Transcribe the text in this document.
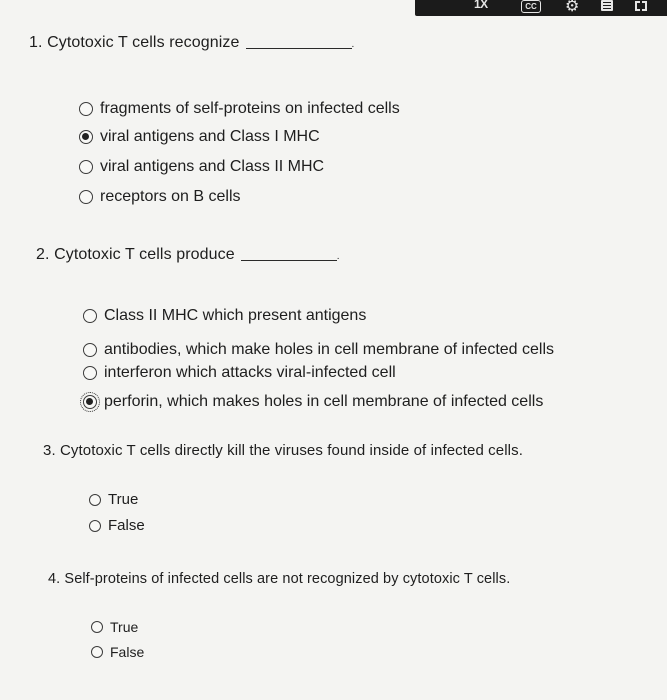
1X	CC ⚙
1. Cytotoxic T cells recognize	.
fragments of self-proteins on infected cells
viral antigens and Class I MHC
viral antigens and Class II MHC
receptors on B cells
2. Cytotoxic T cells produce	.
Class II MHC which present antigens
antibodies, which make holes in cell membrane of infected cells
interferon which attacks viral-infected cell
perforin, which makes holes in cell membrane of infected cells
3. Cytotoxic T cells directly kill the viruses found inside of infected cells.
True
False
4. Self-proteins of infected cells are not recognized by cytotoxic T cells.
True
False
